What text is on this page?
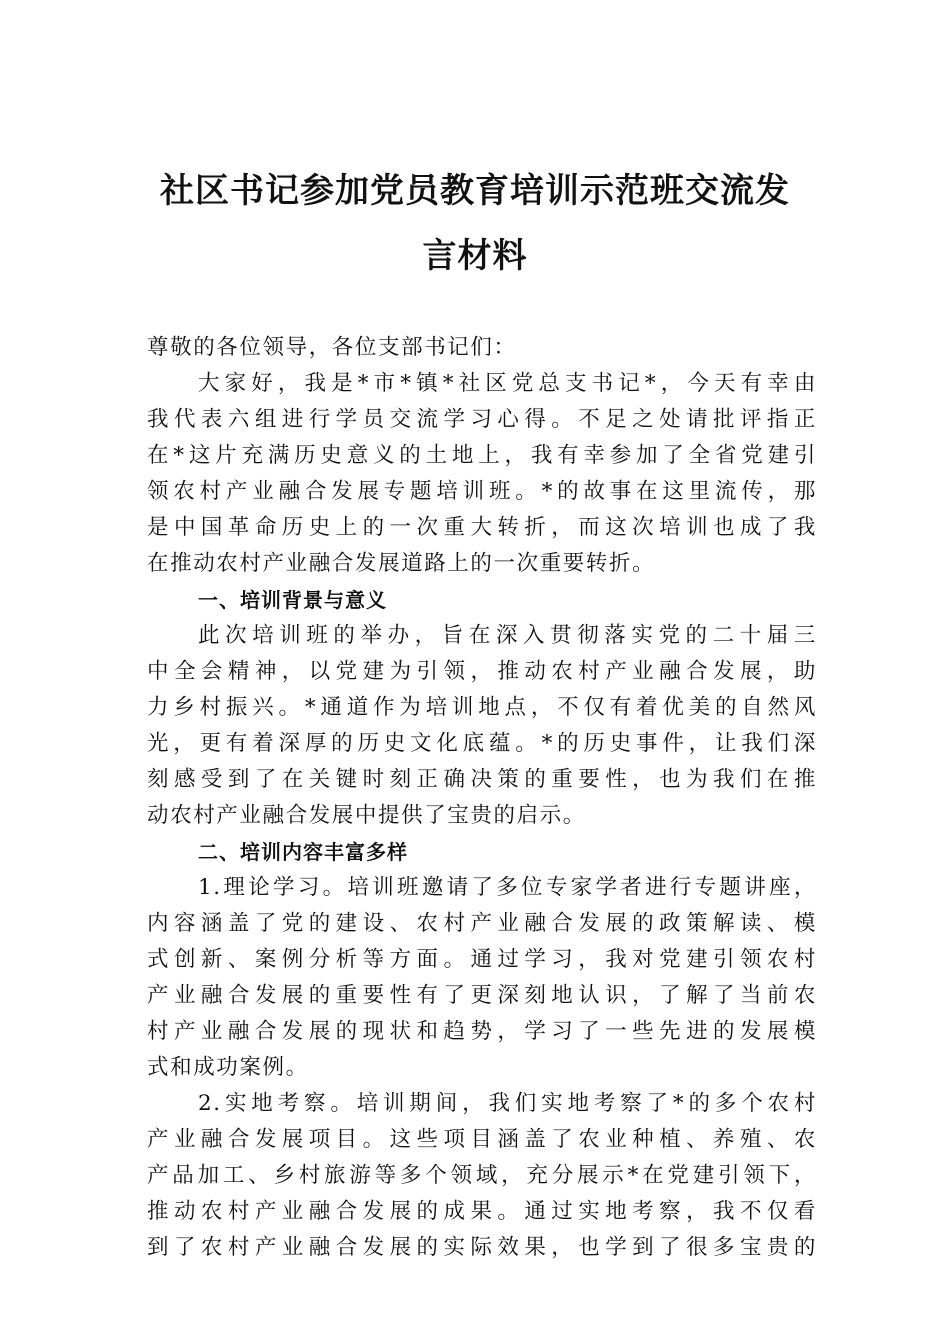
社区书记参加党员教育培训示范班交流发
言材料
尊敬的各位领导，各位支部书记们：
大家好，我是*市*镇*社区党总支书记*，今天有幸由
我代表六组进行学员交流学习心得。不足之处请批评指正
在*这片充满历史意义的土地上，我有幸参加了全省党建引
领农村产业融合发展专题培训班。*的故事在这里流传，那
是中国革命历史上的一次重大转折，而这次培训也成了我
在推动农村产业融合发展道路上的一次重要转折。
一、培训背景与意义
此次培训班的举办，旨在深入贯彻落实党的二十届三
中全会精神，以党建为引领，推动农村产业融合发展，助
力乡村振兴。*通道作为培训地点，不仅有着优美的自然风
光，更有着深厚的历史文化底蕴。*的历史事件，让我们深
刻感受到了在关键时刻正确决策的重要性，也为我们在推
动农村产业融合发展中提供了宝贵的启示。
二、培训内容丰富多样
1.理论学习。培训班邀请了多位专家学者进行专题讲座，
内容涵盖了党的建设、农村产业融合发展的政策解读、模
式创新、案例分析等方面。通过学习，我对党建引领农村
产业融合发展的重要性有了更深刻地认识，了解了当前农
村产业融合发展的现状和趋势，学习了一些先进的发展模
式和成功案例。
2.实地考察。培训期间，我们实地考察了*的多个农村
产业融合发展项目。这些项目涵盖了农业种植、养殖、农
产品加工、乡村旅游等多个领域，充分展示*在党建引领下，
推动农村产业融合发展的成果。通过实地考察，我不仅看
到了农村产业融合发展的实际效果，也学到了很多宝贵的
